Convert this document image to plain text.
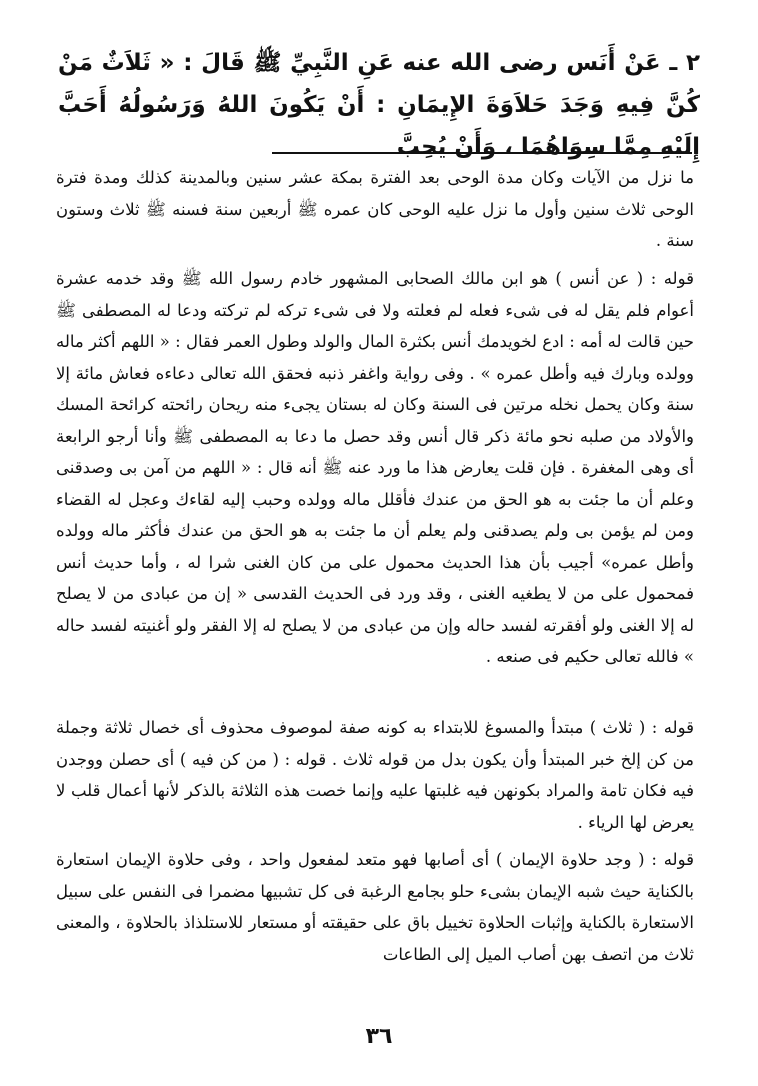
٢ ـ عَنْ أَنَس رضى الله عنه عَنِ النَّبِيِّ ﷺ قَالَ : « ثَلاَثٌ مَنْ كُنَّ فِيهِ وَجَدَ حَلاَوَةَ الإِيمَانِ : أَنْ يَكُونَ اللهُ وَرَسُولُهُ أَحَبَّ إِلَيْهِ مِمَّا سِوَاهُمَا ، وَأَنْ يُحِبَّ
ما نزل من الآيات وكان مدة الوحى بعد الفترة بمكة عشر سنين وبالمدينة كذلك ومدة فترة الوحى ثلاث سنين وأول ما نزل عليه الوحى كان عمره ﷺ أربعين سنة فسنه ﷺ ثلاث وستون سنة .
قوله : ( عن أنس ) هو ابن مالك الصحابى المشهور خادم رسول الله ﷺ وقد خدمه عشرة أعوام فلم يقل له فى شىء فعله لم فعلته ولا فى شىء تركه لم تركته ودعا له المصطفى ﷺ حين قالت له أمه : ادع لخويدمك أنس بكثرة المال والولد وطول العمر فقال : « اللهم أكثر ماله وولده وبارك فيه وأطل عمره » . وفى رواية واغفر ذنبه فحقق الله تعالى دعاءه فعاش مائة إلا سنة وكان يحمل نخله مرتين فى السنة وكان له بستان يجىء منه ريحان رائحته كرائحة المسك والأولاد من صلبه نحو مائة ذكر قال أنس وقد حصل ما دعا به المصطفى ﷺ وأنا أرجو الرابعة أى وهى المغفرة . فإن قلت يعارض هذا ما ورد عنه ﷺ أنه قال : « اللهم من آمن بى وصدقنى وعلم أن ما جئت به هو الحق من عندك فأقلل ماله وولده وحبب إليه لقاءك وعجل له القضاء ومن لم يؤمن بى ولم يصدقنى ولم يعلم أن ما جئت به هو الحق من عندك فأكثر ماله وولده وأطل عمره» أجيب بأن هذا الحديث محمول على من كان الغنى شرا له ، وأما حديث أنس فمحمول على من لا يطغيه الغنى ، وقد ورد فى الحديث القدسى « إن من عبادى من لا يصلح له إلا الغنى ولو أفقرته لفسد حاله وإن من عبادى من لا يصلح له إلا الفقر ولو أغنيته لفسد حاله » فالله تعالى حكيم فى صنعه .
قوله : ( ثلاث ) مبتدأ والمسوغ للابتداء به كونه صفة لموصوف محذوف أى خصال ثلاثة وجملة من كن إلخ خبر المبتدأ وأن يكون بدل من قوله ثلاث . قوله : ( من كن فيه ) أى حصلن ووجدن فيه فكان تامة والمراد بكونهن فيه غلبتها عليه وإنما خصت هذه الثلاثة بالذكر لأنها أعمال قلب لا يعرض لها الرياء .
قوله : ( وجد حلاوة الإيمان ) أى أصابها فهو متعد لمفعول واحد ، وفى حلاوة الإيمان استعارة بالكناية حيث شبه الإيمان بشىء حلو بجامع الرغبة فى كل تشبيها مضمرا فى النفس على سبيل الاستعارة بالكناية وإثبات الحلاوة تخييل باق على حقيقته أو مستعار للاستلذاذ بالحلاوة ، والمعنى ثلاث من اتصف بهن أصاب الميل إلى الطاعات
٣٦
